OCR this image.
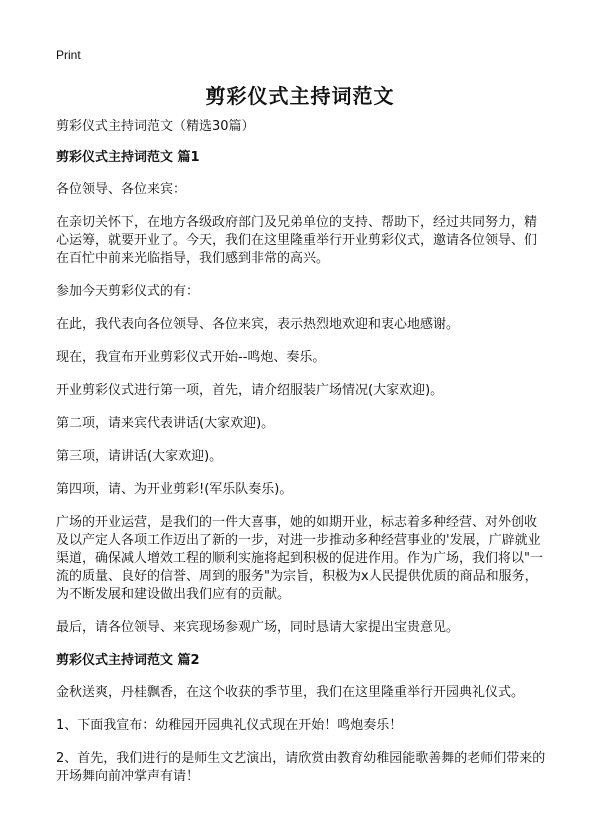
Print
剪彩仪式主持词范文

剪彩仪式主持词范文（精选30篇）

剪彩仪式主持词范文 篇1

各位领导、各位来宾：

在亲切关怀下，在地方各级政府部门及兄弟单位的支持、帮助下，经过共同努力，精心运筹，就要开业了。今天，我们在这里隆重举行开业剪彩仪式，邀请各位领导、们在百忙中前来光临指导，我们感到非常的高兴。

参加今天剪彩仪式的有：

在此，我代表向各位领导、各位来宾，表示热烈地欢迎和衷心地感谢。

现在，我宣布开业剪彩仪式开始--鸣炮、奏乐。

开业剪彩仪式进行第一项，首先，请介绍服装广场情况(大家欢迎)。

第二项，请来宾代表讲话(大家欢迎)。

第三项，请讲话(大家欢迎)。

第四项，请、为开业剪彩!(军乐队奏乐)。

广场的开业运营，是我们的一件大喜事，她的如期开业，标志着多种经营、对外创收及以产定人各项工作迈出了新的一步，对进一步推动多种经营事业的'发展，广辟就业渠道，确保减人增效工程的顺利实施将起到积极的促进作用。作为广场，我们将以"一流的质量、良好的信誉、周到的服务"为宗旨，积极为x人民提供优质的商品和服务，为不断发展和建设做出我们应有的贡献。

最后，请各位领导、来宾现场参观广场，同时恳请大家提出宝贵意见。

剪彩仪式主持词范文 篇2

金秋送爽，丹桂飘香，在这个收获的季节里，我们在这里隆重举行开园典礼仪式。

1、下面我宣布：幼稚园开园典礼仪式现在开始！鸣炮奏乐！

2、首先，我们进行的是师生文艺演出，请欣赏由教育幼稚园能歌善舞的老师们带来的开场舞向前冲掌声有请！
